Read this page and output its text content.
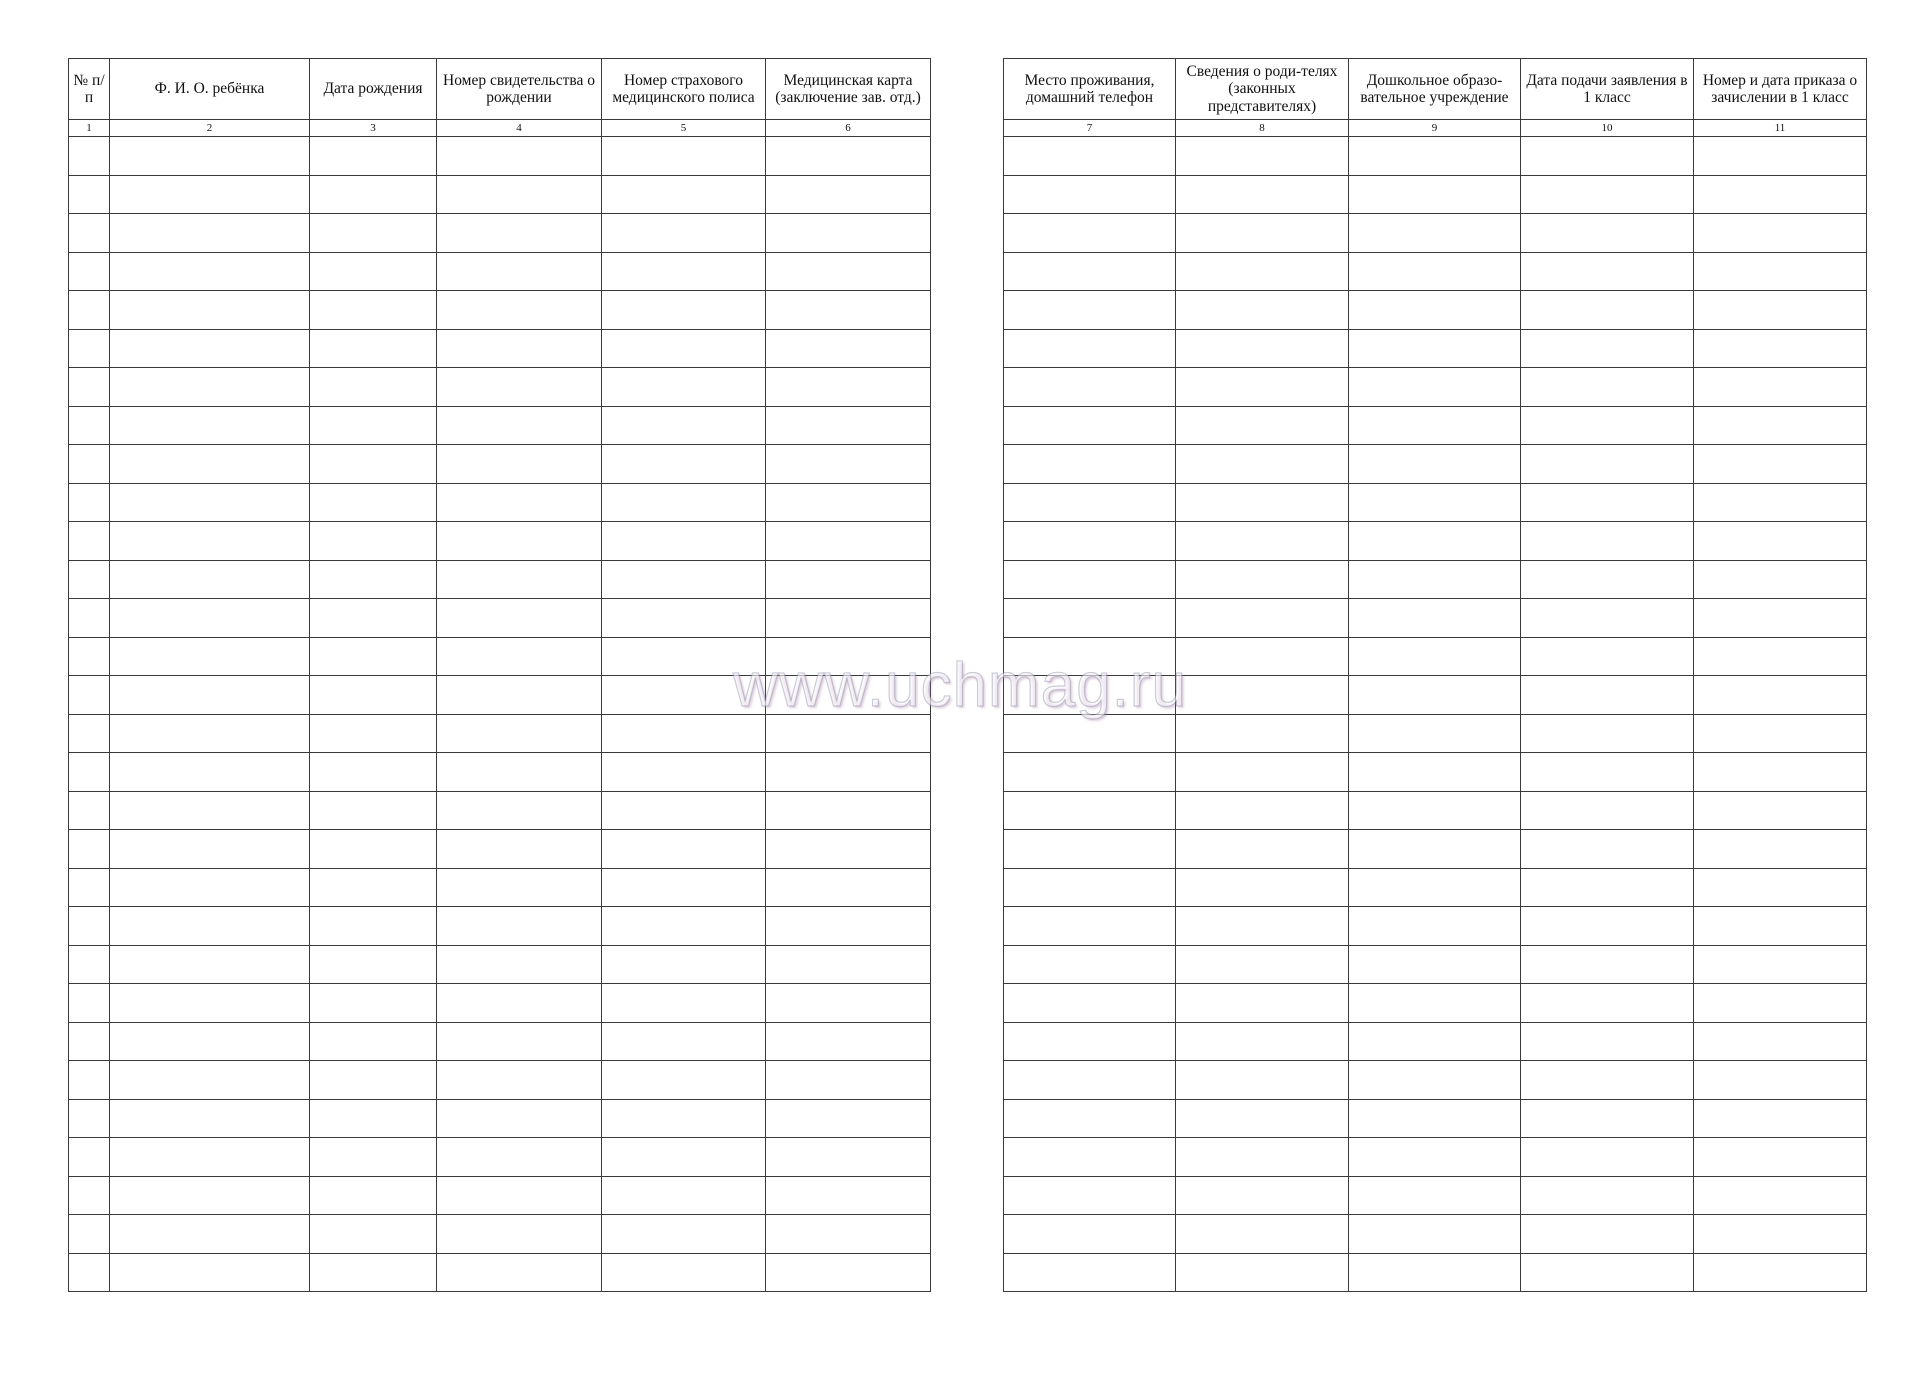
№ п/п	Ф. И. О. ребёнка	Дата рождения	Номер свидетельства о рождении	Номер страхового медицинского полиса	Медицинская карта (заключение зав. отд.)
1	2	3	4	5	6

Место проживания, домашний телефон	Сведения о роди-телях (законных представителях)	Дошкольное образо-вательное учреждение	Дата подачи заявления в 1 класс	Номер и дата приказа о зачислении в 1 класс
7	8	9	10	11

www.uchmag.ru
